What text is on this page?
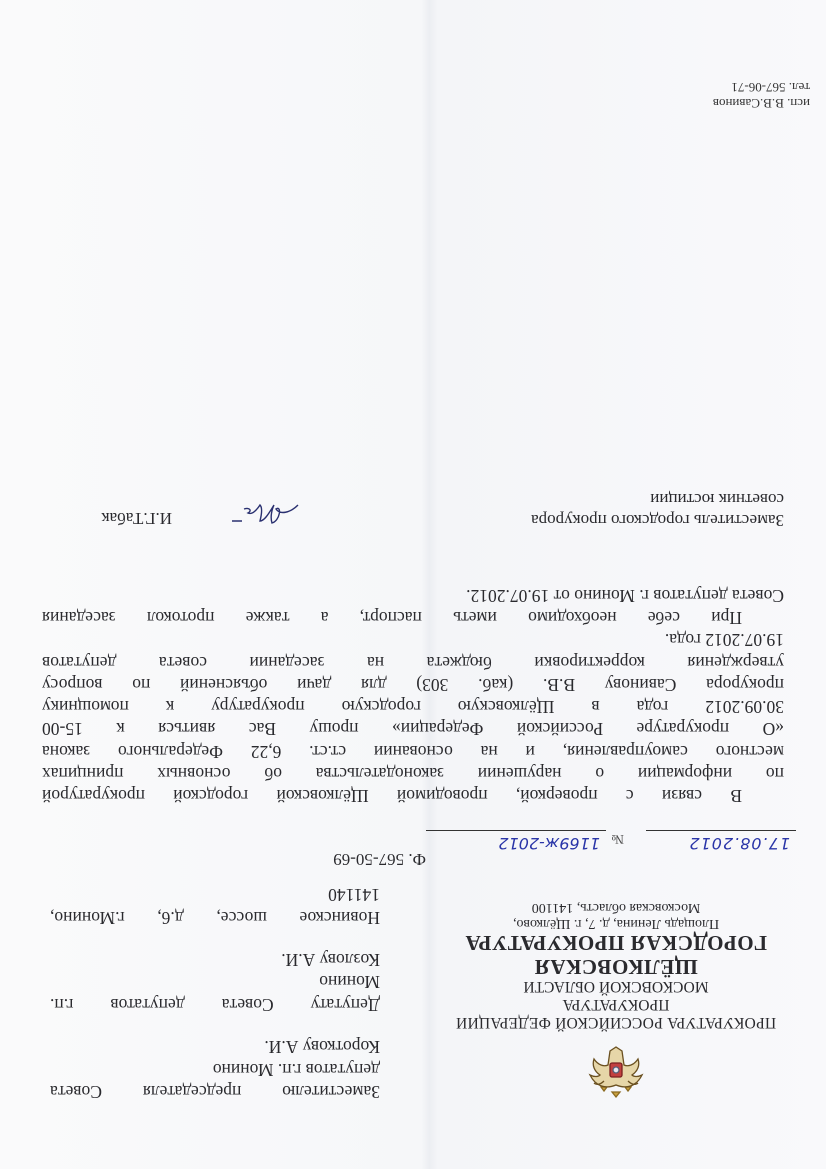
ПРОКУРАТУРА РОССИЙСКОЙ ФЕДЕРАЦИИ
ПРОКУРАТУРА
МОСКОВСКОЙ ОБЛАСТИ
ЩЁЛКОВСКАЯ
ГОРОДСКАЯ ПРОКУРАТУРА
Площадь Ленина, д. 7, г. Щёлково,
Московская область, 141100
17.08.2012
№
1169ж-2012
Заместителю председателя Совета
депутатов г.п. Монино
Короткову А.И.
Депутату Совета депутатов г.п.
Монино
Козлову А.И.
Новинское шоссе, д.6, г.Монино,
141140
Ф. 567-50-69
В связи с проверкой, проводимой Щёлковской городской прокуратурой
по информации о нарушении законодательства об основных принципах
местного самоуправления, и на основании ст.ст. 6,22 Федерального закона
«О прокуратуре Российской Федерации» прошу Вас явиться к 15-00
30.09.2012 года в Щёлковскую городскую прокуратуру к помощнику
прокурора Савинову В.В. (каб. 303) для дачи объяснений по вопросу
утверждения корректировки бюджета на заседании совета депутатов
19.07.2012 года.
При себе необходимо иметь паспорт, а также протокол заседания
Совета депутатов г. Монино от 19.07.2012.
Заместитель городского прокурора
советник юстиции
И.Г.Табак
исп. В.В.Савинов
тел. 567-06-71
